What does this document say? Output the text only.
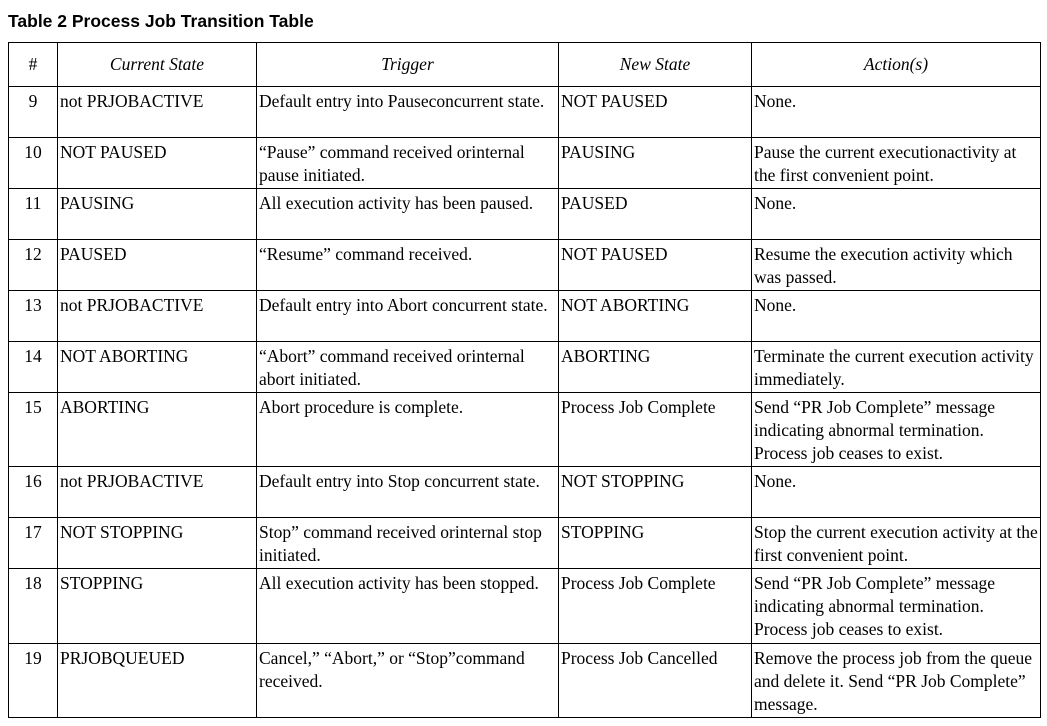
Table 2 Process Job Transition Table
#	Current State	Trigger	New State	Action(s)
9	not PRJOBACTIVE	Default entry into Pauseconcurrent state.	NOT PAUSED	None.
10	NOT PAUSED	“Pause” command received orinternal pause initiated.	PAUSING	Pause the current executionactivity at the first convenient point.
11	PAUSING	All execution activity has been paused.	PAUSED	None.
12	PAUSED	“Resume” command received.	NOT PAUSED	Resume the execution activity which was passed.
13	not PRJOBACTIVE	Default entry into Abort concurrent state.	NOT ABORTING	None.
14	NOT ABORTING	“Abort” command received orinternal abort initiated.	ABORTING	Terminate the current execution activity immediately.
15	ABORTING	Abort procedure is complete.	Process Job Complete	Send “PR Job Complete” message indicating abnormal termination. Process job ceases to exist.
16	not PRJOBACTIVE	Default entry into Stop concurrent state.	NOT STOPPING	None.
17	NOT STOPPING	Stop” command received orinternal stop initiated.	STOPPING	Stop the current execution activity at the first convenient point.
18	STOPPING	All execution activity has been stopped.	Process Job Complete	Send “PR Job Complete” message indicating abnormal termination. Process job ceases to exist.
19	PRJOBQUEUED	Cancel,” “Abort,” or “Stop”command received.	Process Job Cancelled	Remove the process job from the queue and delete it. Send “PR Job Complete” message.
